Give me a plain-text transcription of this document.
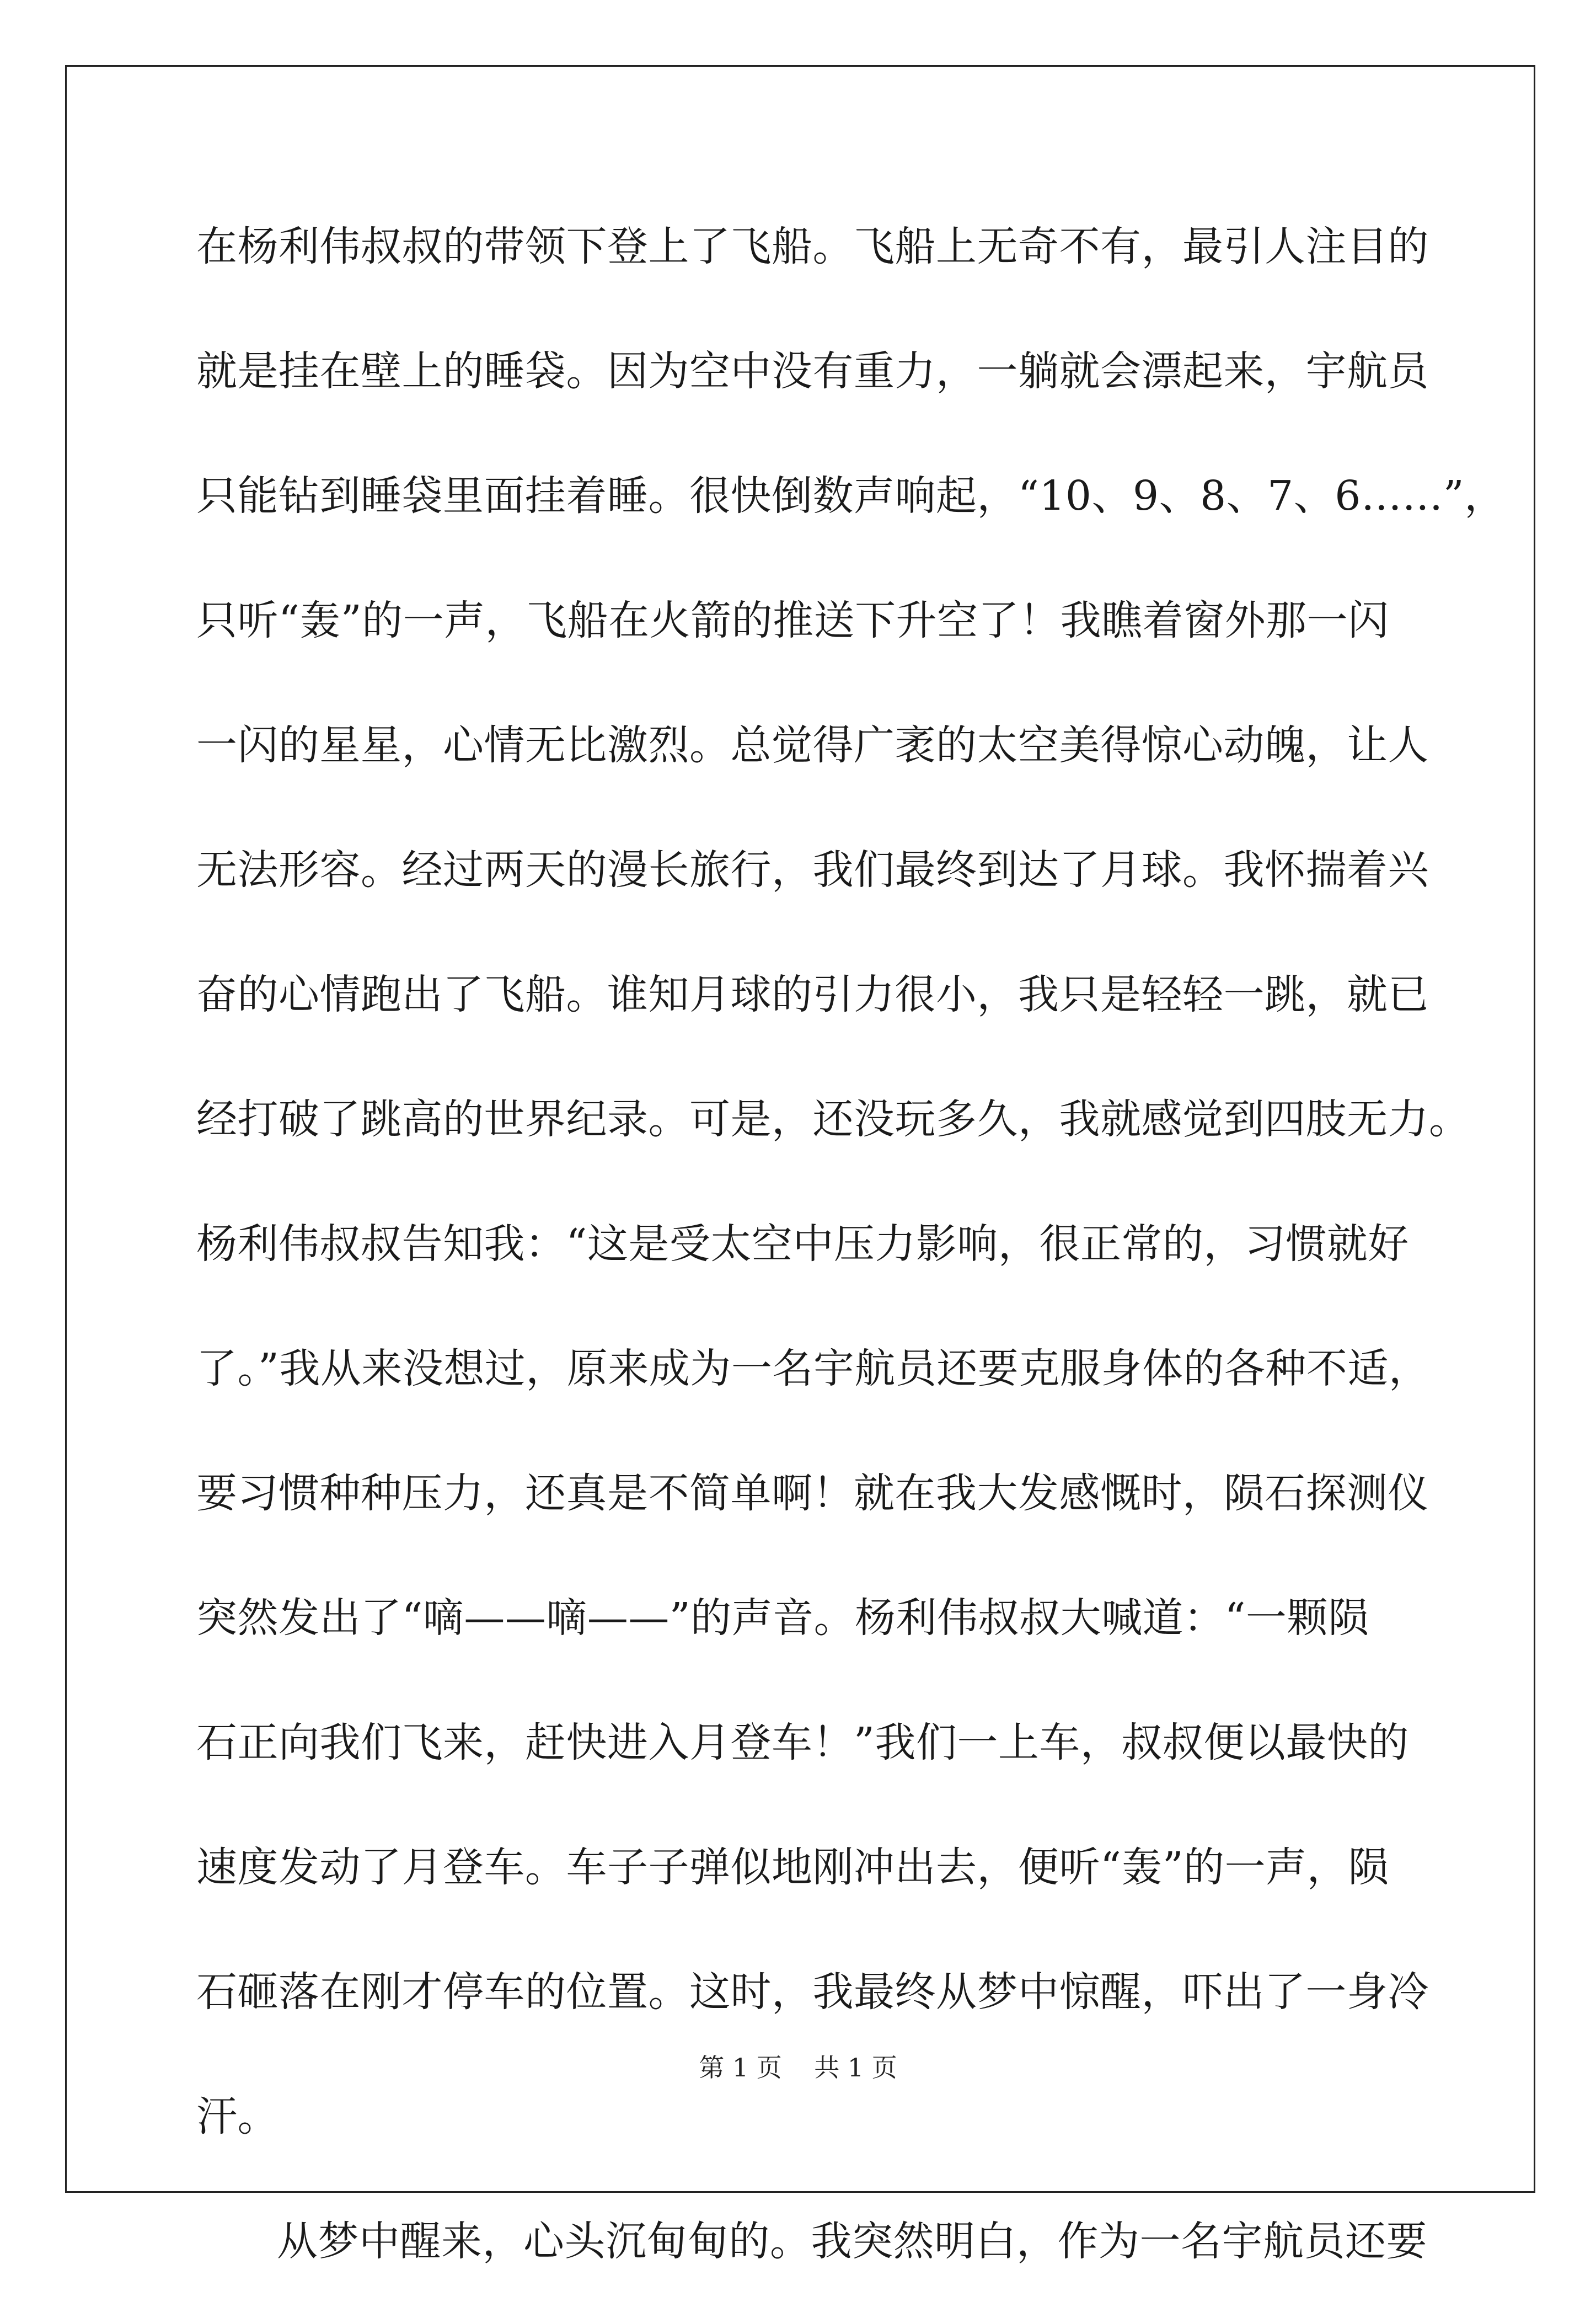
在杨利伟叔叔的带领下登上了飞船。飞船上无奇不有，最引人注目的
就是挂在壁上的睡袋。因为空中没有重力，一躺就会漂起来，宇航员
只能钻到睡袋里面挂着睡。很快倒数声响起，“10、9、8、7、6……”，
只听“轰”的一声，飞船在火箭的推送下升空了！我瞧着窗外那一闪
一闪的星星，心情无比激烈。总觉得广袤的太空美得惊心动魄，让人
无法形容。经过两天的漫长旅行，我们最终到达了月球。我怀揣着兴
奋的心情跑出了飞船。谁知月球的引力很小，我只是轻轻一跳，就已
经打破了跳高的世界纪录。可是，还没玩多久，我就感觉到四肢无力。
杨利伟叔叔告知我：“这是受太空中压力影响，很正常的，习惯就好
了。”我从来没想过，原来成为一名宇航员还要克服身体的各种不适，
要习惯种种压力，还真是不简单啊！就在我大发感慨时，陨石探测仪
突然发出了“嘀——嘀——”的声音。杨利伟叔叔大喊道：“一颗陨
石正向我们飞来，赶快进入月登车！”我们一上车，叔叔便以最快的
速度发动了月登车。车子子弹似地刚冲出去，便听“轰”的一声，陨
石砸落在刚才停车的位置。这时，我最终从梦中惊醒，吓出了一身冷
汗。
从梦中醒来，心头沉甸甸的。我突然明白，作为一名宇航员还要
第 1 页    共 1 页
